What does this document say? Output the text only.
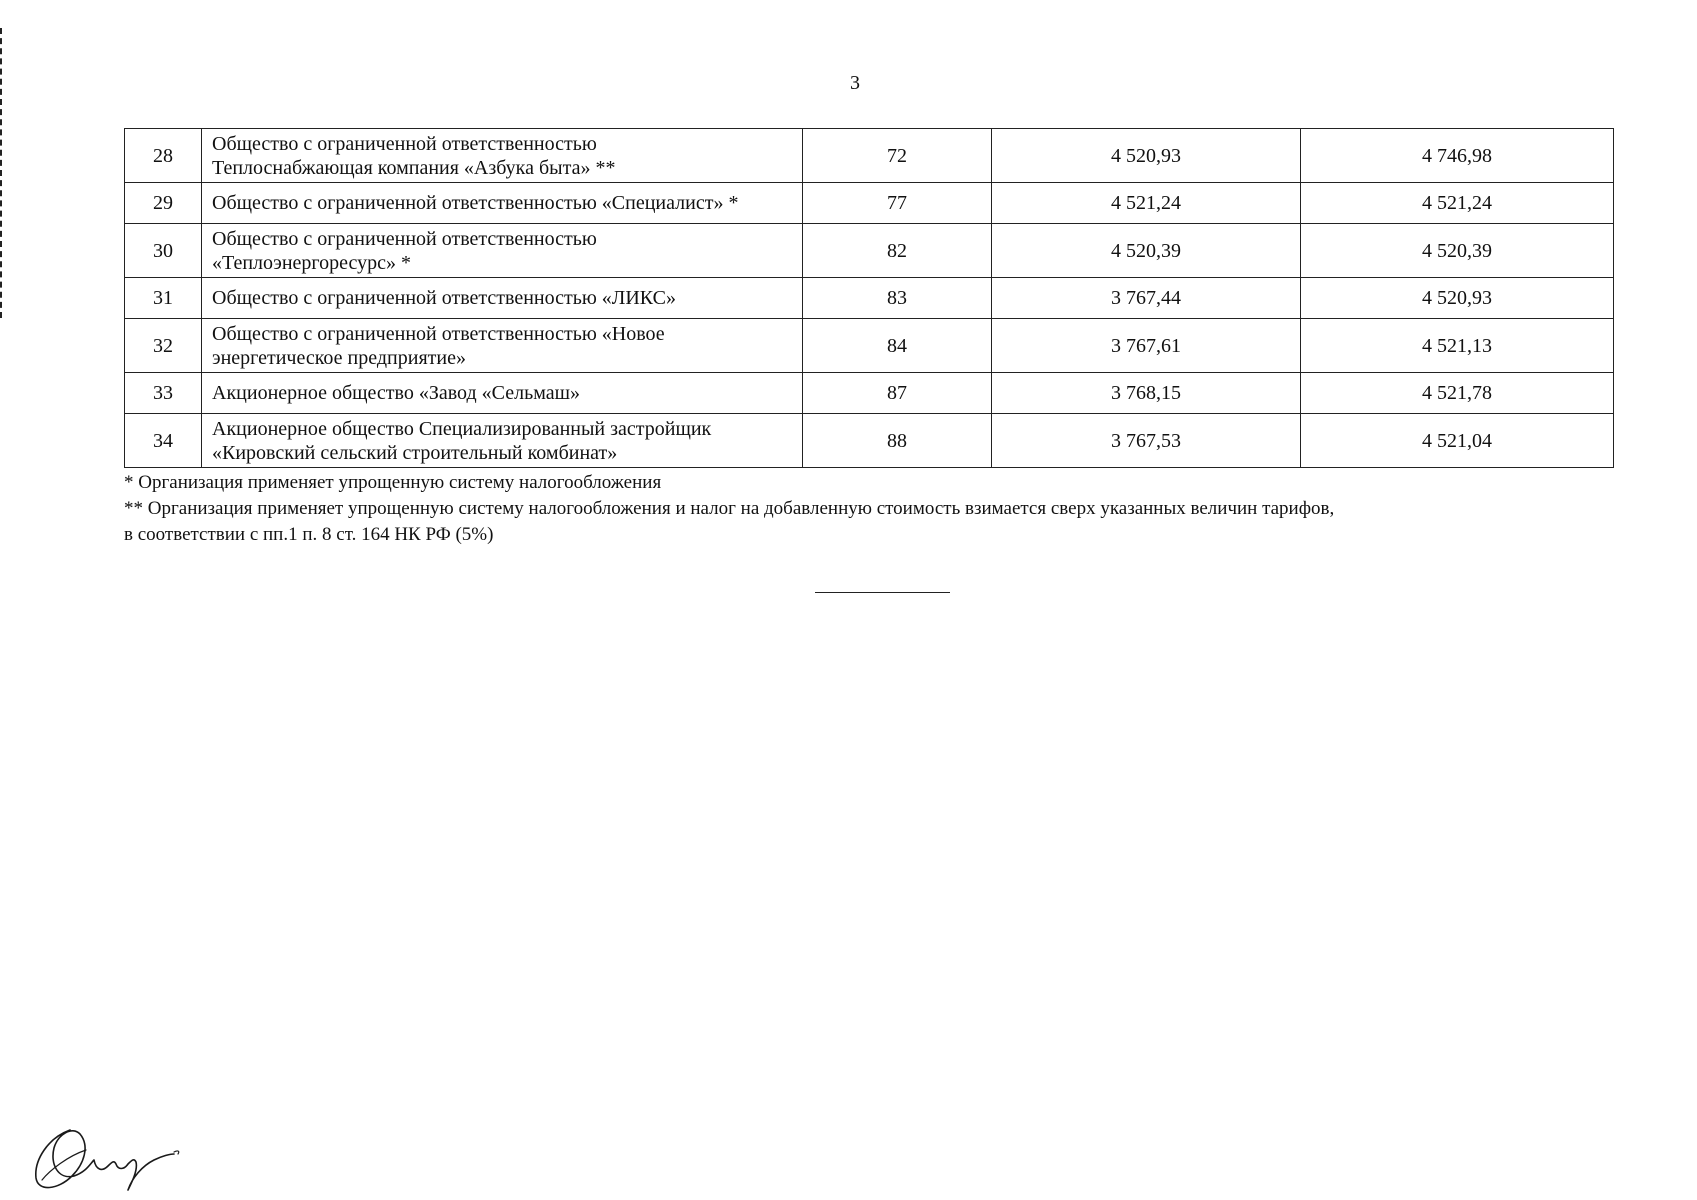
3
28	Общество с ограниченной ответственностью
Теплоснабжающая компания «Азбука быта» **	72	4 520,93	4 746,98
29	Общество с ограниченной ответственностью «Специалист» *	77	4 521,24	4 521,24
30	Общество с ограниченной ответственностью
«Теплоэнергоресурс» *	82	4 520,39	4 520,39
31	Общество с ограниченной ответственностью «ЛИКС»	83	3 767,44	4 520,93
32	Общество с ограниченной ответственностью «Новое
энергетическое предприятие»	84	3 767,61	4 521,13
33	Акционерное общество «Завод «Сельмаш»	87	3 768,15	4 521,78
34	Акционерное общество Специализированный застройщик
«Кировский сельский строительный комбинат»	88	3 767,53	4 521,04
* Организация применяет упрощенную систему налогообложения
** Организация применяет упрощенную систему налогообложения и налог на добавленную стоимость взимается сверх указанных величин тарифов,
в соответствии с пп.1 п. 8 ст. 164 НК РФ (5%)
